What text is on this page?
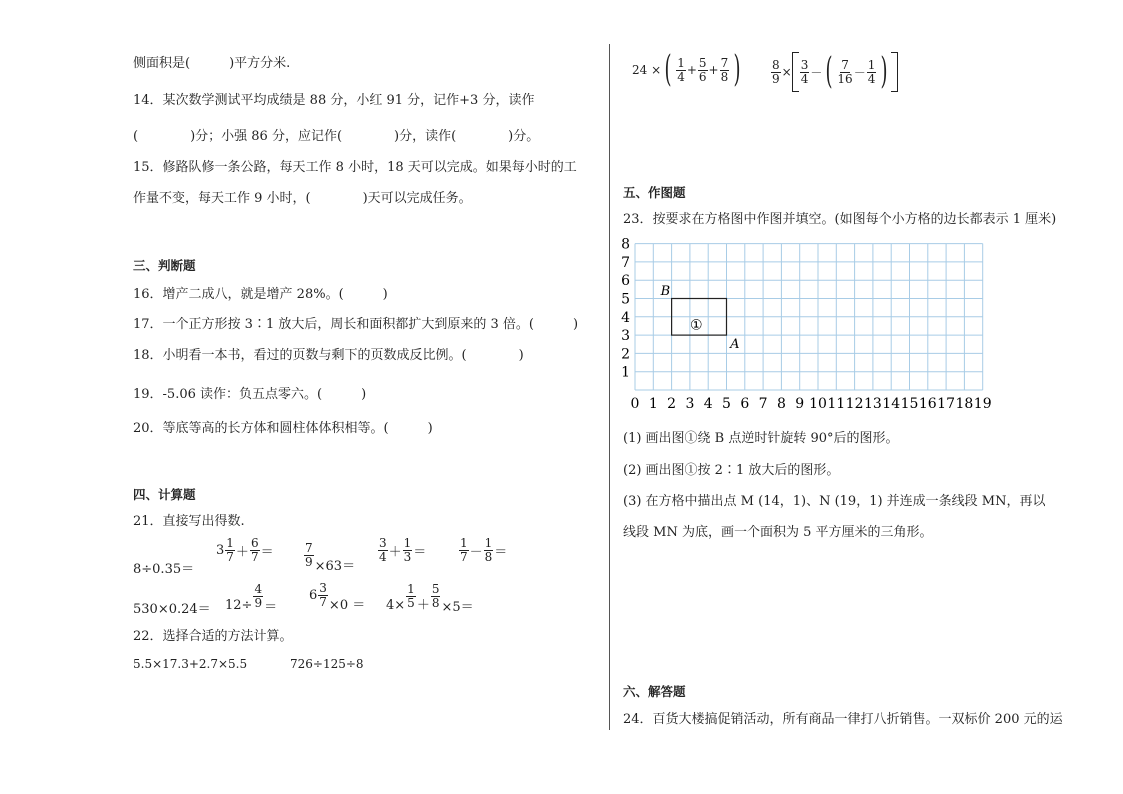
侧面积是(　　　)平方分米.
14．某次数学测试平均成绩是 88 分，小红 91 分，记作+3 分，读作
(　　　　)分；小强 86 分，应记作(　　　　)分，读作(　　　　)分。
15．修路队修一条公路，每天工作 8 小时，18 天可以完成。如果每小时的工
作量不变，每天工作 9 小时，(　　　　)天可以完成任务。
三、判断题
16．增产二成八，就是增产 28%。(　　　)
17．一个正方形按 3∶1 放大后，周长和面积都扩大到原来的 3 倍。(　　　)
18．小明看一本书，看过的页数与剩下的页数成反比例。(　　　　)
19．-5.06 读作：负五点零六。(　　　)
20．等底等高的长方体和圆柱体体积相等。(　　　)
四、计算题
21．直接写出得数.
8÷0.35＝
$3 \frac{1}{7} + \frac{6}{7}$ ＝	$\frac{7}{9} \times 63=$
$\frac{3}{4} + \frac{1}{3}$ ＝	$\frac{1}{7} - \frac{1}{8}$ ＝
$530\times 0.24= 12\div \frac{4}{9}$ ＝
$6 \frac{3}{7} \times 0 = 4\times \frac{1}{5} + \frac{5}{8} \times 5=$
22．选择合适的方法计算。
5.5×17.3+2.7×5.5	726÷125÷8
24 × ( $\frac{1}{4} + \frac{5}{6} + \frac{7}{8}$ )	$\frac{8}{9} \times \frac{3}{4}$ － ( $\frac{7}{16} - \frac{1}{4}$ )
五、作图题
23．按要求在方格图中作图并填空。(如图每个小方格的边长都表示 1 厘米)
0 1 2 3 4 5 6 7 8 9 10 11 12 13 14 15 16 17 18 19
1
2
3
4
5
6
7
8
①
B
A
(1) 画出图①绕 B 点逆时针旋转 90°后的图形。
(2) 画出图①按 2∶1 放大后的图形。
(3) 在方格中描出点 M (14，1)、N (19，1) 并连成一条线段 MN，再以
线段 MN 为底，画一个面积为 5 平方厘米的三角形。
六、解答题
24．百货大楼搞促销活动，所有商品一律打八折销售。一双标价 200 元的运
